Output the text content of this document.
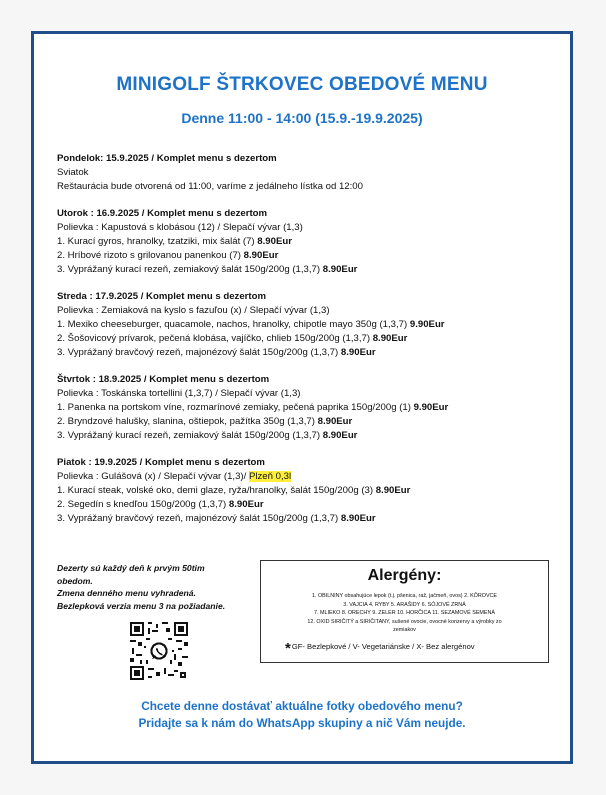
MINIGOLF ŠTRKOVEC OBEDOVÉ MENU
Denne 11:00 - 14:00 (15.9.-19.9.2025)
Pondelok: 15.9.2025 / Komplet menu s dezertom
Sviatok
Reštaurácia bude otvorená od 11:00, varíme z jedálneho lístka od 12:00
Utorok : 16.9.2025 / Komplet menu s dezertom
Polievka : Kapustová s klobásou (12) / Slepačí vývar (1,3)
1. Kurací gyros, hranolky, tzatziki, mix šalát (7) 8.90Eur
2. Hríbové rizoto s grilovanou panenkou (7) 8.90Eur
3. Vyprážaný kurací rezeň, zemiakový šalát 150g/200g (1,3,7) 8.90Eur
Streda : 17.9.2025 / Komplet menu s dezertom
Polievka : Zemiaková na kyslo s fazuľou (x) / Slepačí vývar (1,3)
1. Mexiko cheeseburger, quacamole, nachos, hranolky, chipotle mayo 350g (1,3,7) 9.90Eur
2. Šošovicový prívarok, pečená klobása, vajíčko, chlieb 150g/200g (1,3,7) 8.90Eur
3. Vyprážaný bravčový rezeň, majonézový šalát 150g/200g (1,3,7) 8.90Eur
Štvrtok : 18.9.2025 / Komplet menu s dezertom
Polievka : Toskánska tortellini (1,3,7) / Slepačí vývar (1,3)
1. Panenka na portskom víne, rozmarínové zemiaky, pečená paprika 150g/200g (1) 9.90Eur
2. Bryndzové halušky, slanina, oštiepok, pažítka 350g (1,3,7) 8.90Eur
3. Vyprážaný kurací rezeň, zemiakový šalát 150g/200g (1,3,7) 8.90Eur
Piatok : 19.9.2025 / Komplet menu s dezertom
Polievka : Gulášová (x) / Slepačí vývar (1,3)/ Plzeň 0,3l
1. Kurací steak, volské oko, demi glaze, ryža/hranolky, šalát 150g/200g (3) 8.90Eur
2. Segedín s knedľou 150g/200g (1,3,7) 8.90Eur
3. Vyprážaný bravčový rezeň, majonézový šalát 150g/200g (1,3,7) 8.90Eur
Dezerty sú každý deň k prvým 50tim
obedom.
Zmena denného menu vyhradená.
Bezlepková verzia menu 3 na požiadanie.
Alergény:
1. OBILNINY obsahujúce lepok (t.j. pšenica, raž, jačmeň, ovos) 2. KÔROVCE
3. VAJCIA 4. RYBY 5. ARAŠIDY 6. SÓJOVÉ ZRNÁ
7. MLIEKO 8. ORECHY 9. ZELER 10. HORČICA 11. SEZAMOVÉ SEMENÁ
12. OXID SIRIČITÝ a SIRIČITANY, sušené ovocie, ovocné konzervy a výrobky zo
zemiakov
*GF- Bezlepkové / V- Vegetariánske / X- Bez alergénov
Chcete denne dostávať aktuálne fotky obedového menu?
Pridajte sa k nám do WhatsApp skupiny a nič Vám neujde.
